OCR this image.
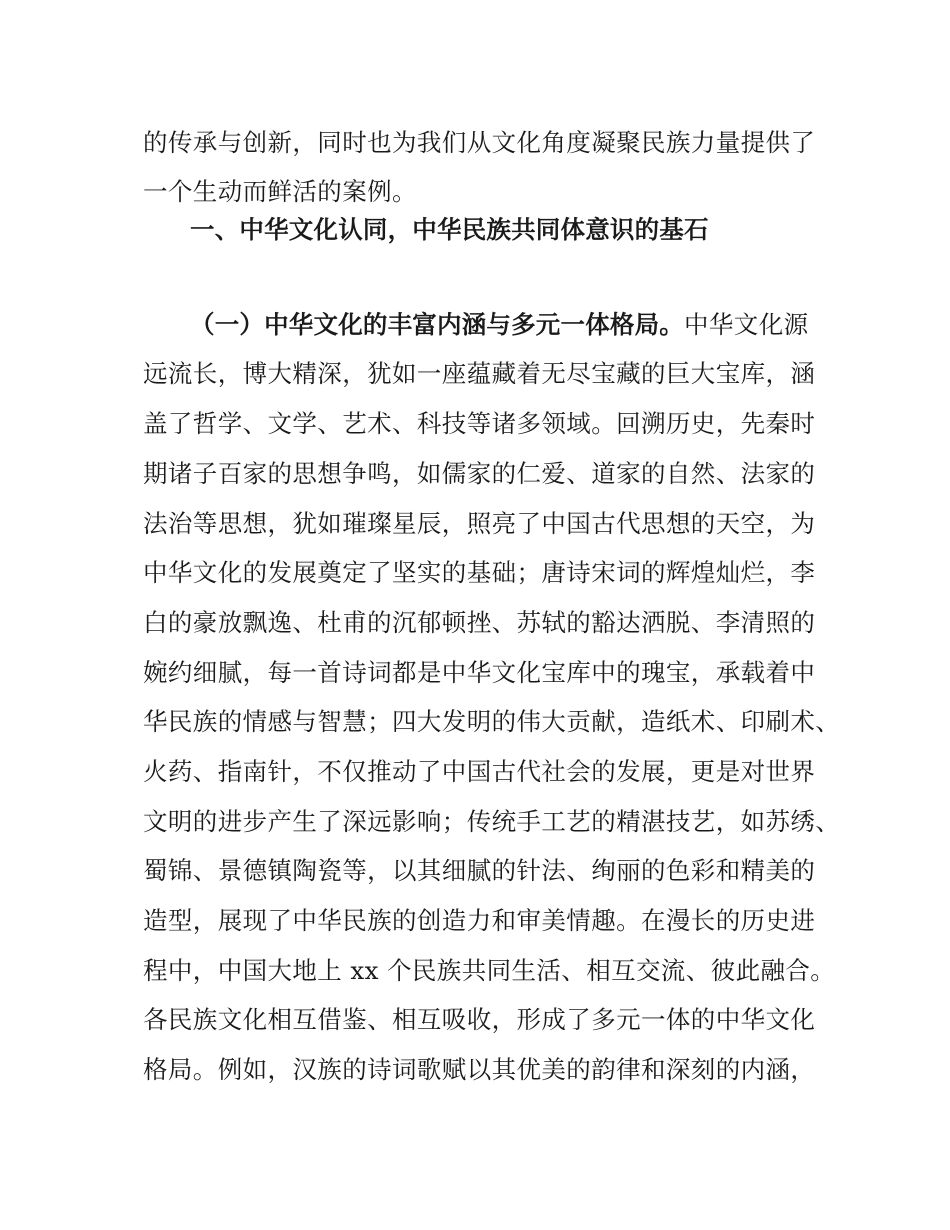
的传承与创新，同时也为我们从文化角度凝聚民族力量提供了
一个生动而鲜活的案例。
一、中华文化认同，中华民族共同体意识的基石
（一）中华文化的丰富内涵与多元一体格局。中华文化源
远流长，博大精深，犹如一座蕴藏着无尽宝藏的巨大宝库，涵
盖了哲学、文学、艺术、科技等诸多领域。回溯历史，先秦时
期诸子百家的思想争鸣，如儒家的仁爱、道家的自然、法家的
法治等思想，犹如璀璨星辰，照亮了中国古代思想的天空，为
中华文化的发展奠定了坚实的基础；唐诗宋词的辉煌灿烂，李
白的豪放飘逸、杜甫的沉郁顿挫、苏轼的豁达洒脱、李清照的
婉约细腻，每一首诗词都是中华文化宝库中的瑰宝，承载着中
华民族的情感与智慧；四大发明的伟大贡献，造纸术、印刷术、
火药、指南针，不仅推动了中国古代社会的发展，更是对世界
文明的进步产生了深远影响；传统手工艺的精湛技艺，如苏绣、
蜀锦、景德镇陶瓷等，以其细腻的针法、绚丽的色彩和精美的
造型，展现了中华民族的创造力和审美情趣。在漫长的历史进
程中，中国大地上 xx 个民族共同生活、相互交流、彼此融合。
各民族文化相互借鉴、相互吸收，形成了多元一体的中华文化
格局。例如，汉族的诗词歌赋以其优美的韵律和深刻的内涵，
